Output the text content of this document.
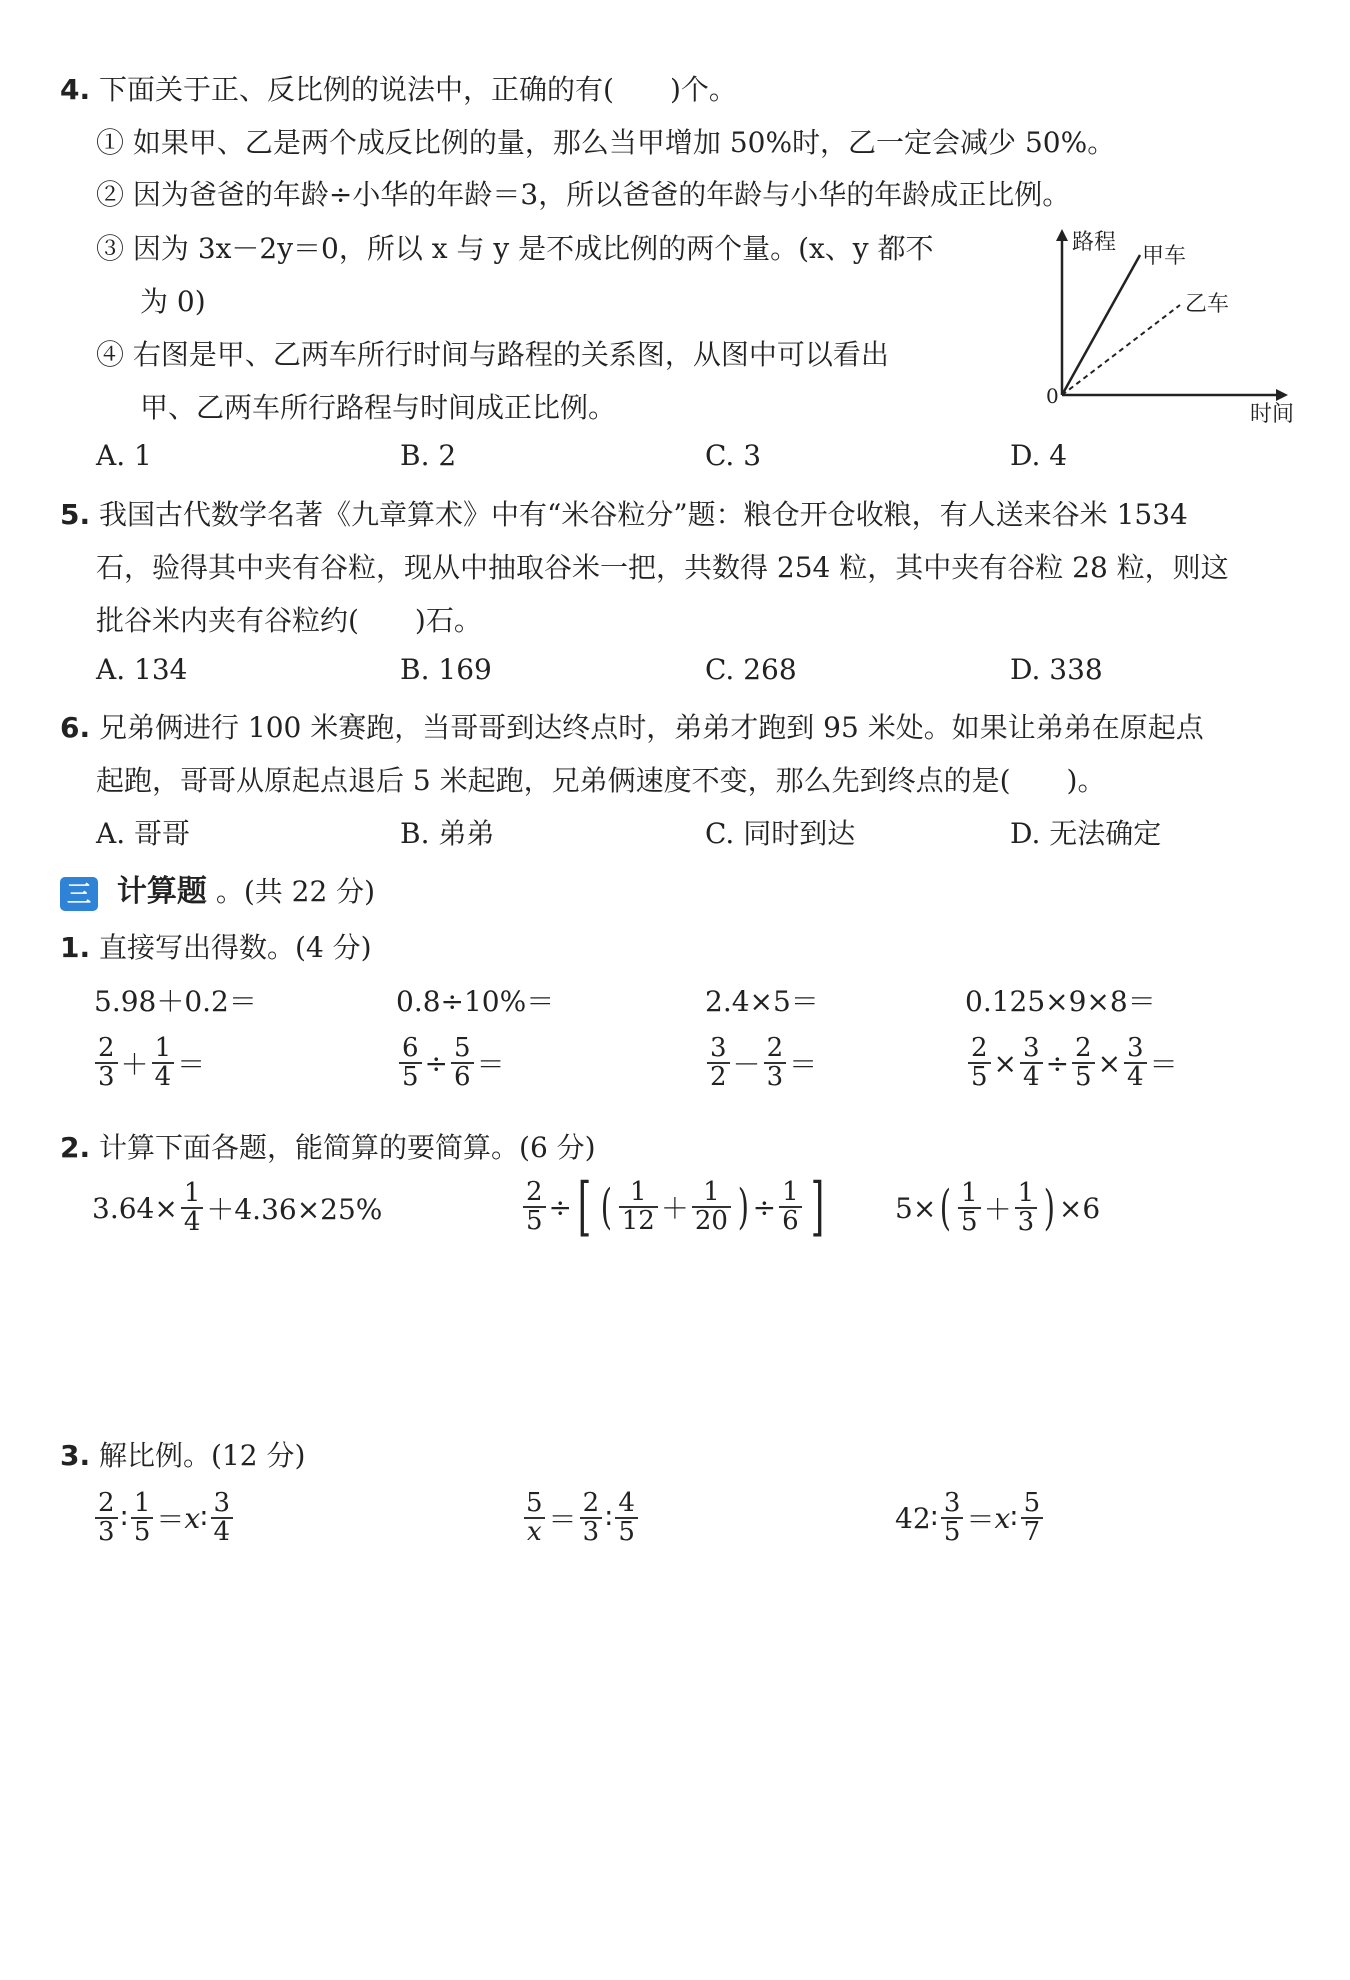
4. 下面关于正、反比例的说法中，正确的有(　　)个。
① 如果甲、乙是两个成反比例的量，那么当甲增加 50%时，乙一定会减少 50%。
② 因为爸爸的年龄÷小华的年龄＝3，所以爸爸的年龄与小华的年龄成正比例。
③ 因为 3x－2y＝0，所以 x 与 y 是不成比例的两个量。(x、y 都不
为 0)
④ 右图是甲、乙两车所行时间与路程的关系图，从图中可以看出
甲、乙两车所行路程与时间成正比例。
路程
时间
0
甲车
乙车
A. 1	B. 2	C. 3	D. 4
5. 我国古代数学名著《九章算术》中有“米谷粒分”题：粮仓开仓收粮，有人送来谷米 1534
石，验得其中夹有谷粒，现从中抽取谷米一把，共数得 254 粒，其中夹有谷粒 28 粒，则这
批谷米内夹有谷粒约(　　)石。
A. 134	B. 169	C. 268	D. 338
6. 兄弟俩进行 100 米赛跑，当哥哥到达终点时，弟弟才跑到 95 米处。如果让弟弟在原起点
起跑，哥哥从原起点退后 5 米起跑，兄弟俩速度不变，那么先到终点的是(　　)。
A. 哥哥	B. 弟弟	C. 同时到达	D. 无法确定
三 计算题 。(共 22 分)
1. 直接写出得数。(4 分)
5.98＋0.2＝	0.8÷10%＝	2.4×5＝	0.125×9×8＝
$\frac{2}{3} + \frac{1}{4}$ ＝	$\frac{6}{5} \div \frac{5}{6}$ ＝	$\frac{3}{2} - \frac{2}{3}$ ＝	$\frac{2}{5} \times \frac{3}{4} \div \frac{2}{5} \times \frac{3}{4}$ ＝
2. 计算下面各题，能简算的要简算。(6 分)
$3.64\times \frac{1}{4} +4.36\times 25\%$	$\frac{2}{5}$ ÷ [ ( $\frac{1}{12} + \frac{1}{20}$ ) ÷ $\frac{1}{6}$ ]	5× ( $\frac{1}{5} + \frac{1}{3}$ ) ×6
3. 解比例。(12 分)
$\frac{2}{3}$ ∶ $\frac{1}{5} = x$ ∶ $\frac{3}{4}$	$\frac{5}{x} = \frac{2}{3}$ ∶ $\frac{4}{5}$	42∶ $\frac{3}{5} = x$ ∶ $\frac{5}{7}$
